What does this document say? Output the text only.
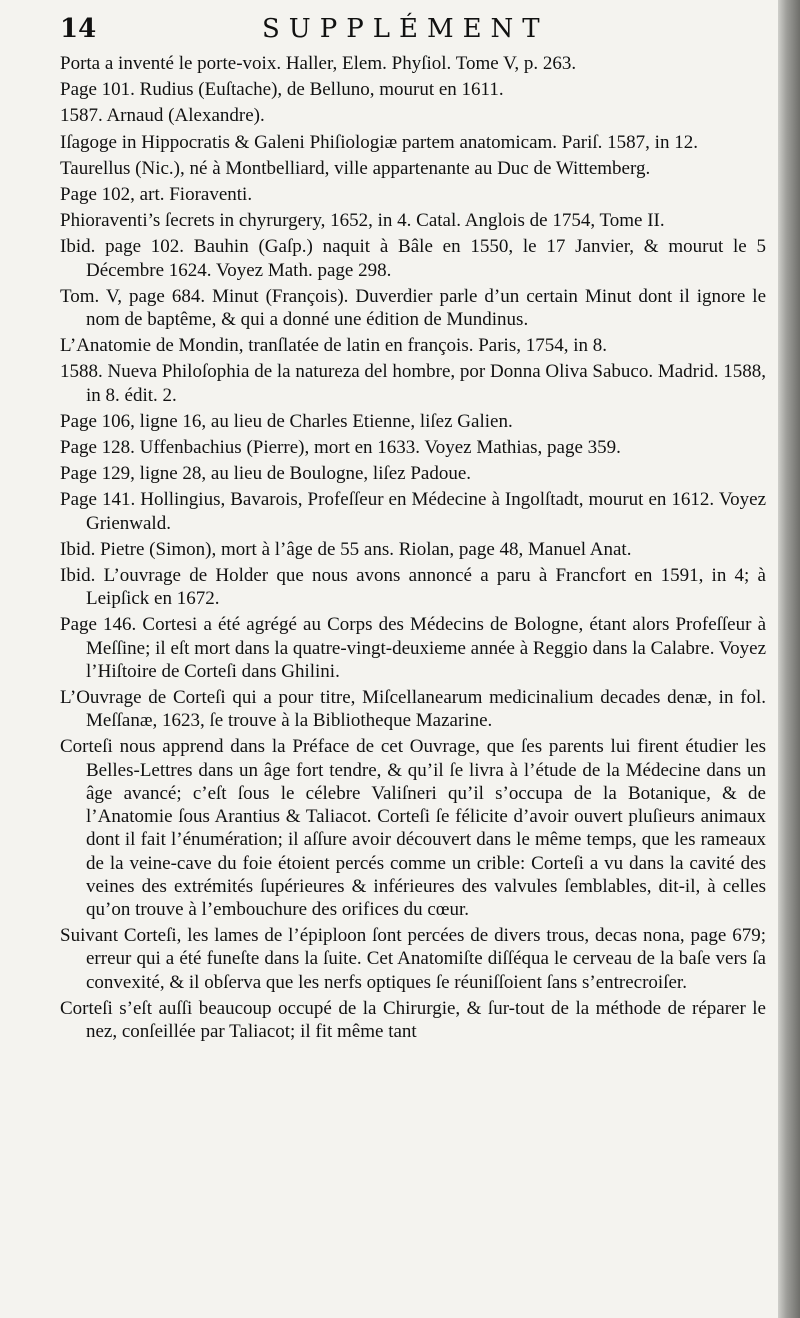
14	SUPPLÉMENT

Porta a inventé le porte-voix. Haller, Elem. Phyſiol. Tome V, p. 263.

Page 101. Rudius (Euſtache), de Belluno, mourut en 1611.

1587. Arnaud (Alexandre).

Iſagoge in Hippocratis & Galeni Phiſiologiæ partem anatomicam. Pariſ. 1587, in 12.

Taurellus (Nic.), né à Montbelliard, ville appartenante au Duc de Wittemberg.

Page 102, art. Fioraventi.

Phioraventi’s ſecrets in chyrurgery, 1652, in 4. Catal. Anglois de 1754, Tome II.

Ibid. page 102. Bauhin (Gaſp.) naquit à Bâle en 1550, le 17 Janvier, & mourut le 5 Décembre 1624. Voyez Math. page 298.

Tom. V, page 684. Minut (François). Duverdier parle d’un certain Minut dont il ignore le nom de baptême, & qui a donné une édition de Mundinus.

L’Anatomie de Mondin, tranſlatée de latin en françois. Paris, 1754, in 8.

1588. Nueva Philoſophia de la natureza del hombre, por Donna Oliva Sabuco. Madrid. 1588, in 8. édit. 2.

Page 106, ligne 16, au lieu de Charles Etienne, liſez Galien.

Page 128. Uffenbachius (Pierre), mort en 1633. Voyez Mathias, page 359.

Page 129, ligne 28, au lieu de Boulogne, liſez Padoue.

Page 141. Hollingius, Bavarois, Profeſſeur en Médecine à Ingolſtadt, mourut en 1612. Voyez Grienwald.

Ibid. Pietre (Simon), mort à l’âge de 55 ans. Riolan, page 48, Manuel Anat.

Ibid. L’ouvrage de Holder que nous avons annoncé a paru à Francfort en 1591, in 4; à Leipſick en 1672.

Page 146. Cortesi a été agrégé au Corps des Médecins de Bologne, étant alors Profeſſeur à Meſſine; il eſt mort dans la quatre-vingt-deuxieme année à Reggio dans la Calabre. Voyez l’Hiſtoire de Corteſi dans Ghilini.

L’Ouvrage de Corteſi qui a pour titre, Miſcellanearum medicinalium decades denæ, in fol. Meſſanæ, 1623, ſe trouve à la Bibliotheque Mazarine.

Corteſi nous apprend dans la Préface de cet Ouvrage, que ſes parents lui firent étudier les Belles-Lettres dans un âge fort tendre, & qu’il ſe livra à l’étude de la Médecine dans un âge avancé; c’eſt ſous le célebre Valiſneri qu’il s’occupa de la Botanique, & de l’Anatomie ſous Arantius & Taliacot. Corteſi ſe félicite d’avoir ouvert pluſieurs animaux dont il fait l’énumération; il aſſure avoir découvert dans le même temps, que les rameaux de la veine-cave du foie étoient percés comme un crible: Corteſi a vu dans la cavité des veines des extrémités ſupérieures & inférieures des valvules ſemblables, dit-il, à celles qu’on trouve à l’embouchure des orifices du cœur.

Suivant Corteſi, les lames de l’épiploon ſont percées de divers trous, decas nona, page 679; erreur qui a été funeſte dans la ſuite. Cet Anatomiſte diſſéqua le cerveau de la baſe vers ſa convexité, & il obſerva que les nerfs optiques ſe réuniſſoient ſans s’entrecroiſer.

Corteſi s’eſt auſſi beaucoup occupé de la Chirurgie, & ſur-tout de la méthode de réparer le nez, conſeillée par Taliacot; il fit même tant
